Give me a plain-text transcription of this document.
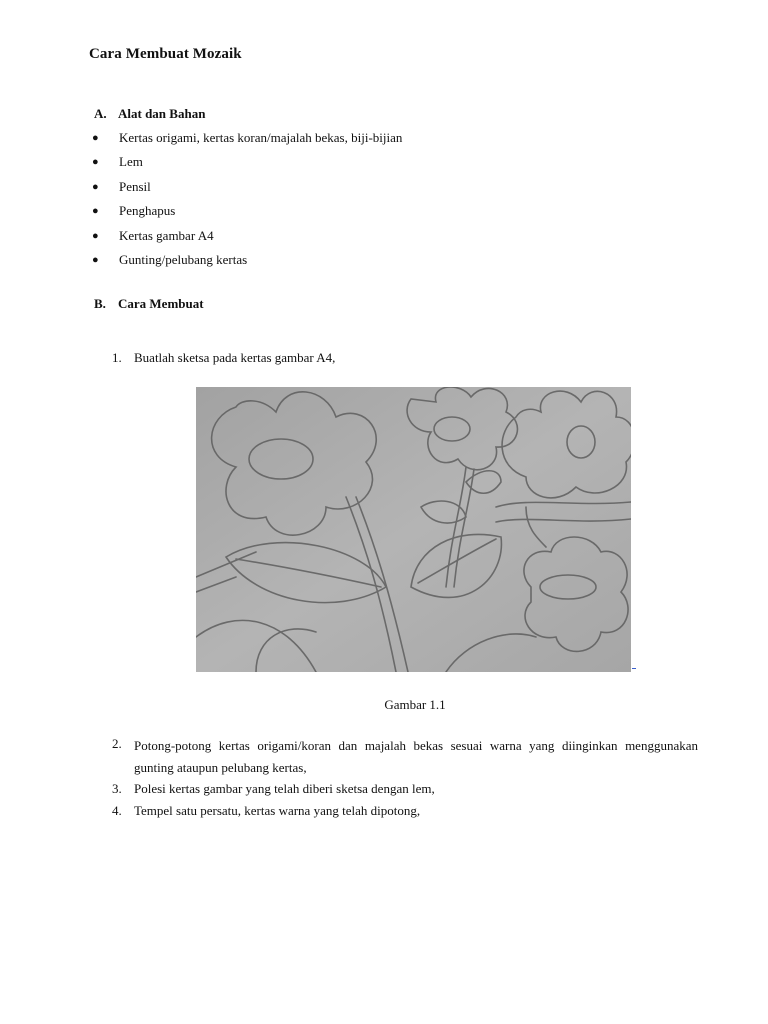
Cara Membuat Mozaik
A. Alat dan Bahan
● Kertas origami, kertas koran/majalah bekas, biji-bijian
● Lem
● Pensil
● Penghapus
● Kertas gambar A4
● Gunting/pelubang kertas
B. Cara Membuat
1. Buatlah sketsa pada kertas gambar A4,
Gambar 1.1
2. Potong-potong kertas origami/koran dan majalah bekas sesuai warna yang diinginkan menggunakan gunting ataupun pelubang kertas,
3. Polesi kertas gambar yang telah diberi sketsa dengan lem,
4. Tempel satu persatu, kertas warna yang telah dipotong,
